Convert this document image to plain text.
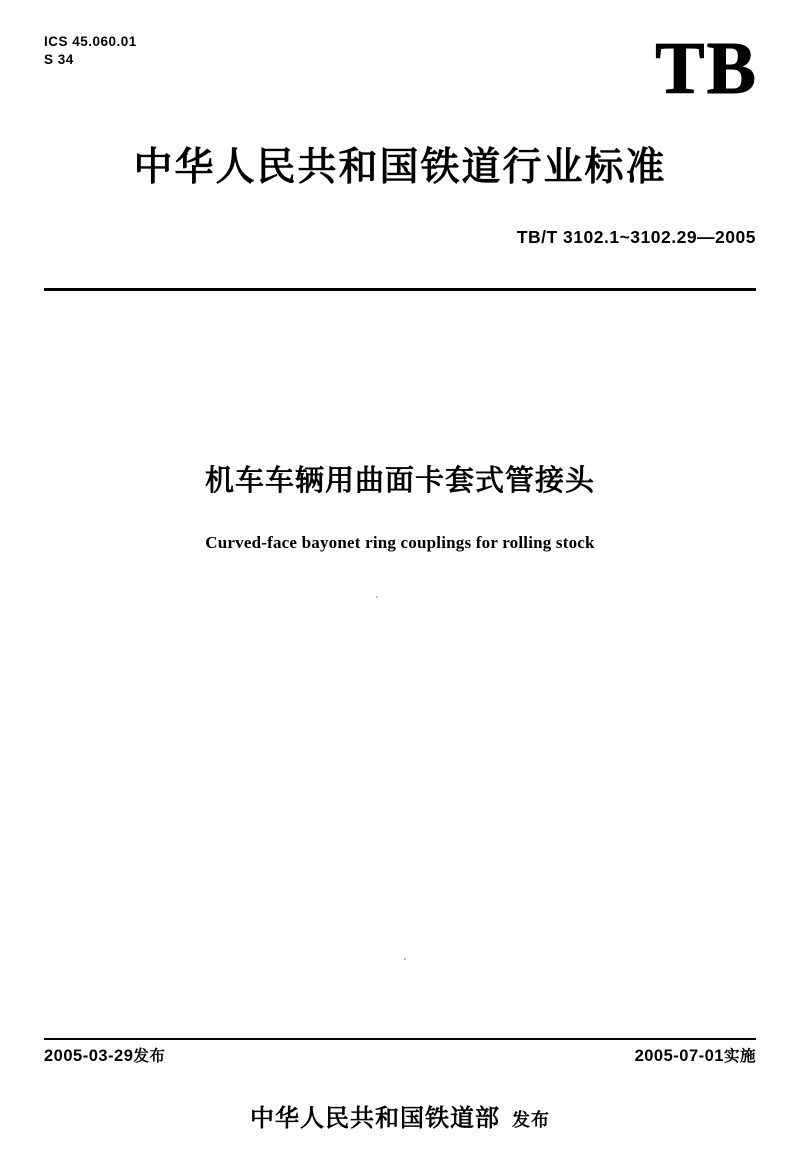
ICS 45.060.01
S 34	TB
中华人民共和国铁道行业标准
TB/T 3102.1~3102.29—2005
机车车辆用曲面卡套式管接头
Curved-face bayonet ring couplings for rolling stock
2005-03-29发布	2005-07-01实施
中华人民共和国铁道部 发布
